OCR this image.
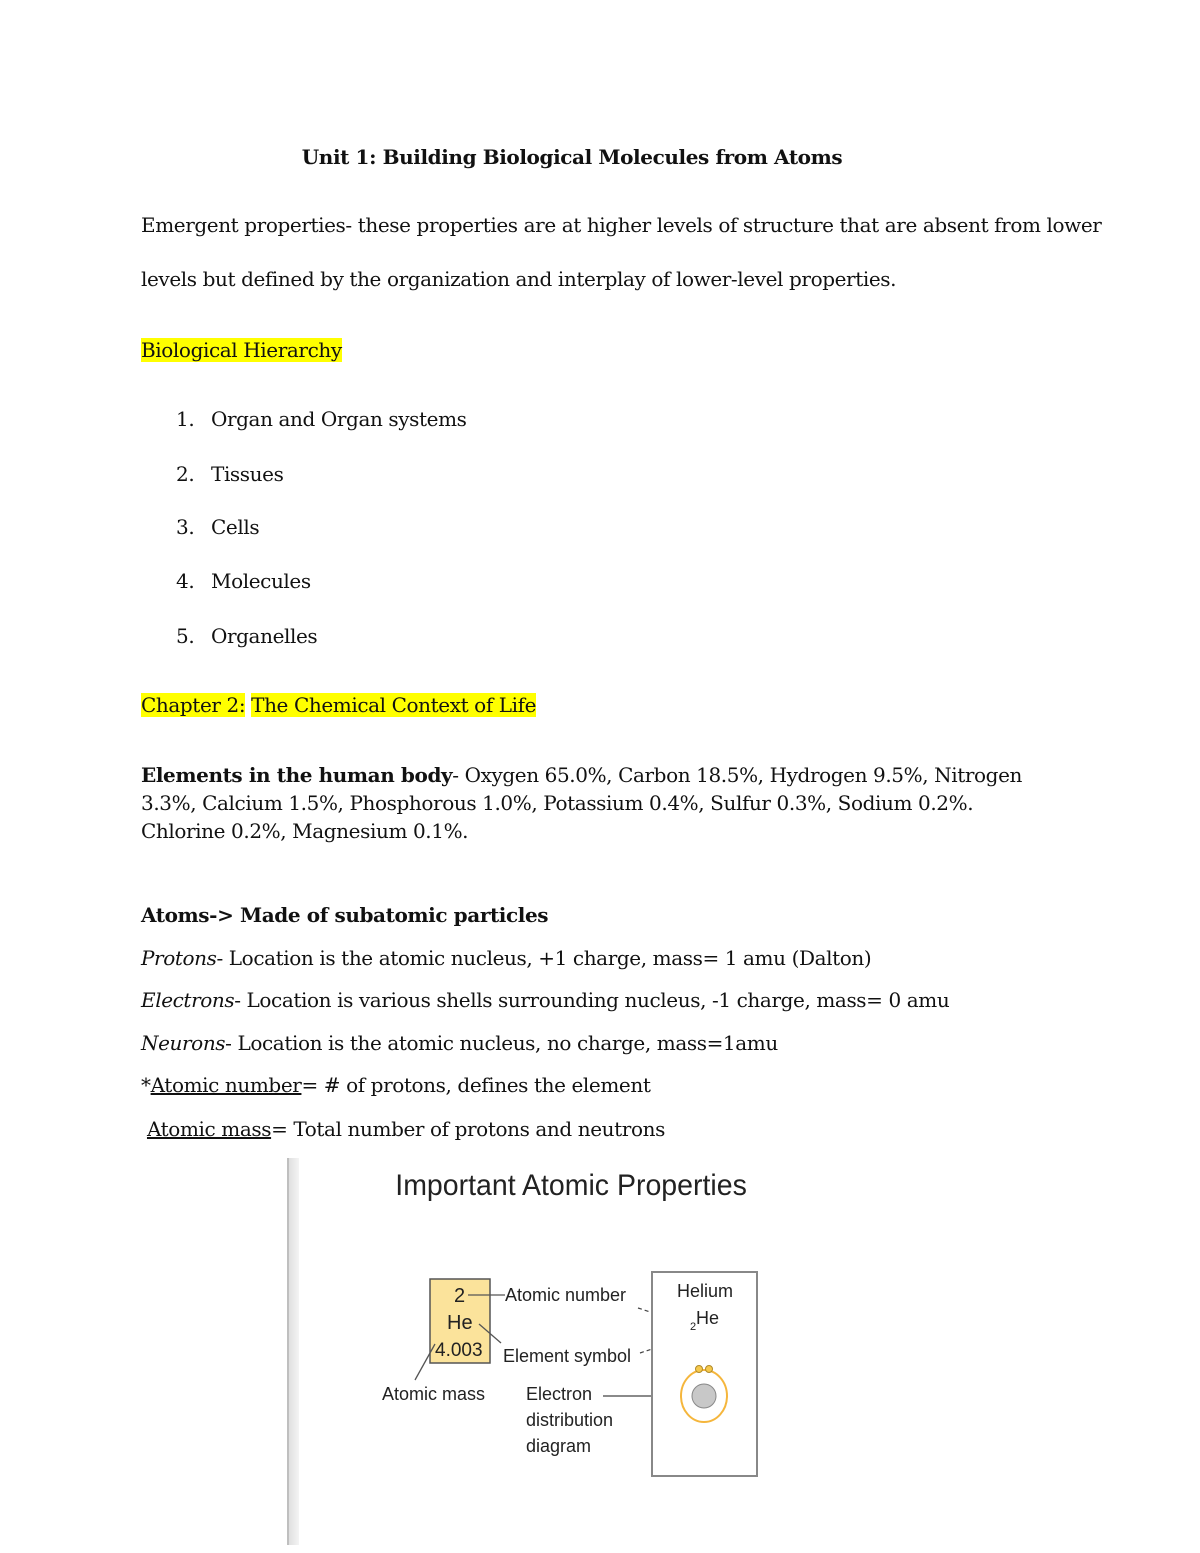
Unit 1: Building Biological Molecules from Atoms

Emergent properties- these properties are at higher levels of structure that are absent from lower

levels but defined by the organization and interplay of lower-level properties.

Biological Hierarchy

1. Organ and Organ systems
2. Tissues
3. Cells
4. Molecules
5. Organelles

Chapter 2: The Chemical Context of Life

Elements in the human body- Oxygen 65.0%, Carbon 18.5%, Hydrogen 9.5%, Nitrogen 3.3%, Calcium 1.5%, Phosphorous 1.0%, Potassium 0.4%, Sulfur 0.3%, Sodium 0.2%. Chlorine 0.2%, Magnesium 0.1%.

Atoms-> Made of subatomic particles

Protons- Location is the atomic nucleus, +1 charge, mass= 1 amu (Dalton)

Electrons- Location is various shells surrounding nucleus, -1 charge, mass= 0 amu

Neurons- Location is the atomic nucleus, no charge, mass=1amu

*Atomic number= # of protons, defines the element

Atomic mass= Total number of protons and neutrons

Important Atomic Properties
2
He
4.003
Atomic number
Element symbol
Atomic mass Electron
distribution
diagram
Helium
2 He
